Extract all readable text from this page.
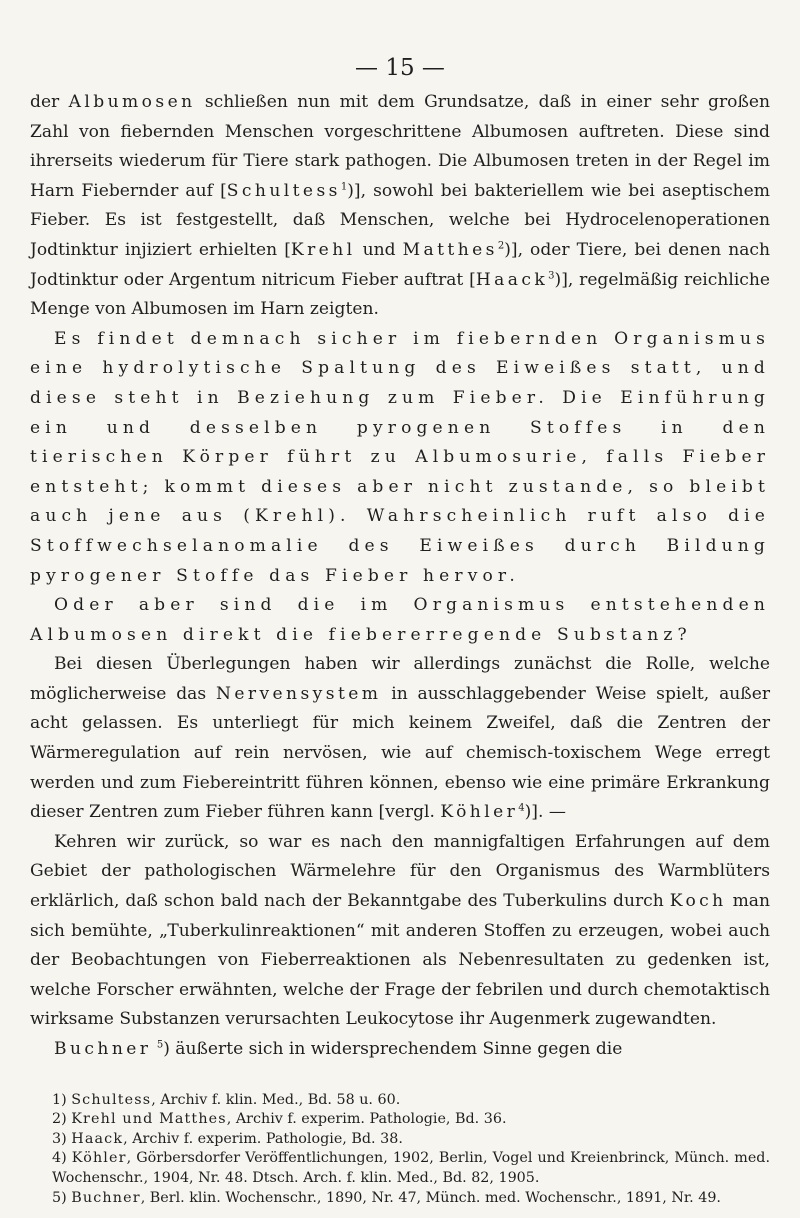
— 15 —

der Albumosen schließen nun mit dem Grundsatze, daß in einer sehr großen Zahl von fiebernden Menschen vorgeschrittene Albumosen auftreten. Diese sind ihrerseits wiederum für Tiere stark pathogen. Die Albumosen treten in der Regel im Harn Fiebernder auf [Schultess$^1$)], sowohl bei bakteriellem wie bei aseptischem Fieber. Es ist festgestellt, daß Menschen, welche bei Hydrocelenoperationen Jodtinktur injiziert erhielten [Krehl und Matthes$^2$)], oder Tiere, bei denen nach Jodtinktur oder Argentum nitricum Fieber auftrat [Haack$^3$)], regelmäßig reichliche Menge von Albumosen im Harn zeigten.

Es findet demnach sicher im fiebernden Organismus eine hydrolytische Spaltung des Eiweißes statt, und diese steht in Beziehung zum Fieber. Die Einführung ein und desselben pyrogenen Stoffes in den tierischen Körper führt zu Albumosurie, falls Fieber entsteht; kommt dieses aber nicht zustande, so bleibt auch jene aus (Krehl). Wahrscheinlich ruft also die Stoffwechselanomalie des Eiweißes durch Bildung pyrogener Stoffe das Fieber hervor.

Oder aber sind die im Organismus entstehenden Albumosen direkt die fiebererregende Substanz?

Bei diesen Überlegungen haben wir allerdings zunächst die Rolle, welche möglicherweise das Nervensystem in ausschlaggebender Weise spielt, außer acht gelassen. Es unterliegt für mich keinem Zweifel, daß die Zentren der Wärmeregulation auf rein nervösen, wie auf chemisch-toxischem Wege erregt werden und zum Fiebereintritt führen können, ebenso wie eine primäre Erkrankung dieser Zentren zum Fieber führen kann [vergl. Köhler$^4$)]. —

Kehren wir zurück, so war es nach den mannigfaltigen Erfahrungen auf dem Gebiet der pathologischen Wärmelehre für den Organismus des Warmblüters erklärlich, daß schon bald nach der Bekanntgabe des Tuberkulins durch Koch man sich bemühte, „Tuberkulinreaktionen“ mit anderen Stoffen zu erzeugen, wobei auch der Beobachtungen von Fieberreaktionen als Nebenresultaten zu gedenken ist, welche Forscher erwähnten, welche der Frage der febrilen und durch chemotaktisch wirksame Substanzen verursachten Leukocytose ihr Augenmerk zugewandten.

Buchner $^5$) äußerte sich in widersprechendem Sinne gegen die

1) Schultess, Archiv f. klin. Med., Bd. 58 u. 60.

2) Krehl und Matthes, Archiv f. experim. Pathologie, Bd. 36.

3) Haack, Archiv f. experim. Pathologie, Bd. 38.

4) Köhler, Görbersdorfer Veröffentlichungen, 1902, Berlin, Vogel und Kreienbrinck, Münch. med. Wochenschr., 1904, Nr. 48. Dtsch. Arch. f. klin. Med., Bd. 82, 1905.

5) Buchner, Berl. klin. Wochenschr., 1890, Nr. 47, Münch. med. Wochenschr., 1891, Nr. 49.
